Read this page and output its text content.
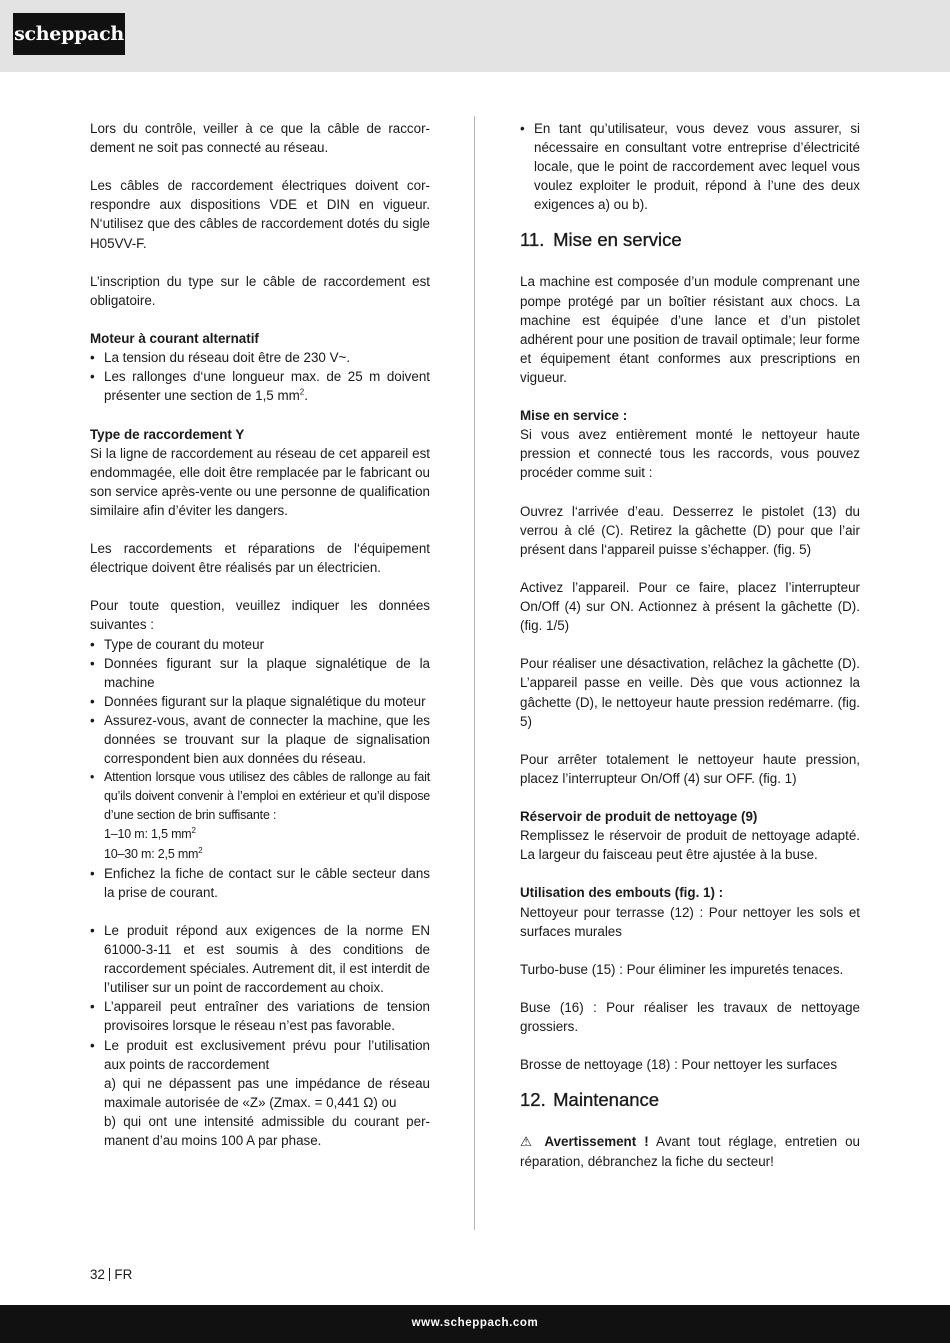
scheppach

Lors du contrôle, veiller à ce que la câble de raccordement ne soit pas connecté au réseau.

Les câbles de raccordement électriques doivent correspondre aux dispositions VDE et DIN en vigueur. N‘utilisez que des câbles de raccordement dotés du sigle H05VV-F.

L’inscription du type sur le câble de raccordement est obligatoire.

Moteur à courant alternatif

• La tension du réseau doit être de 230 V~.
• Les rallonges d‘une longueur max. de 25 m doivent présenter une section de 1,5 $mm^2$.

Type de raccordement Y

Si la ligne de raccordement au réseau de cet appareil est endommagée, elle doit être remplacée par le fabricant ou son service après-vente ou une personne de qualification similaire afin d’éviter les dangers.

Les raccordements et réparations de l‘équipement électrique doivent être réalisés par un électricien.

Pour toute question, veuillez indiquer les données suivantes :

• Type de courant du moteur
• Données figurant sur la plaque signalétique de la machine
• Données figurant sur la plaque signalétique du moteur
• Assurez-vous, avant de connecter la machine, que les données se trouvant sur la plaque de signalisation correspondent bien aux données du réseau.
• Attention lorsque vous utilisez des câbles de rallonge au fait qu’ils doivent convenir à l’emploi en extérieur et qu’il dispose d’une section de brin suffisante :
1–10 m: 1,5 $mm^2$
10–30 m: 2,5 $mm^2$
• Enfichez la fiche de contact sur le câble secteur dans la prise de courant.
• Le produit répond aux exigences de la norme EN 61000-3-11 et est soumis à des conditions de raccordement spéciales. Autrement dit, il est interdit de l’utiliser sur un point de raccordement au choix.
• L’appareil peut entraîner des variations de tension provisoires lorsque le réseau n’est pas favorable.
• Le produit est exclusivement prévu pour l’utilisation aux points de raccordement
a) qui ne dépassent pas une impédance de réseau maximale autorisée de «Z» (Zmax. = 0,441 Ω) ou
b) qui ont une intensité admissible du courant permanent d’au moins 100 A par phase.
• En tant qu’utilisateur, vous devez vous assurer, si nécessaire en consultant votre entreprise d’électricité locale, que le point de raccordement avec lequel vous voulez exploiter le produit, répond à l’une des deux exigences a) ou b).
11. Mise en service

La machine est composée d’un module comprenant une pompe protégé par un boîtier résistant aux chocs. La machine est équipée d’une lance et d’un pistolet adhérent pour une position de travail optimale; leur forme et équipement étant conformes aux prescriptions en vigueur.

Mise en service :

Si vous avez entièrement monté le nettoyeur haute pression et connecté tous les raccords, vous pouvez procéder comme suit :

Ouvrez l‘arrivée d’eau. Desserrez le pistolet (13) du verrou à clé (C). Retirez la gâchette (D) pour que l’air présent dans l‘appareil puisse s’échapper. (fig. 5)

Activez l’appareil. Pour ce faire, placez l’interrupteur On/Off (4) sur ON. Actionnez à présent la gâchette (D). (fig. 1/5)

Pour réaliser une désactivation, relâchez la gâchette (D). L’appareil passe en veille. Dès que vous actionnez la gâchette (D), le nettoyeur haute pression redémarre. (fig. 5)

Pour arrêter totalement le nettoyeur haute pression, placez l’interrupteur On/Off (4) sur OFF. (fig. 1)

Réservoir de produit de nettoyage (9)

Remplissez le réservoir de produit de nettoyage adapté. La largeur du faisceau peut être ajustée à la buse.

Utilisation des embouts (fig. 1) :

Nettoyeur pour terrasse (12) : Pour nettoyer les sols et surfaces murales

Turbo-buse (15) : Pour éliminer les impuretés tenaces.

Buse (16) : Pour réaliser les travaux de nettoyage grossiers.

Brosse de nettoyage (18) : Pour nettoyer les surfaces

12. Maintenance

⚠ Avertissement ! Avant tout réglage, entretien ou réparation, débranchez la fiche du secteur!

32 FR
www.scheppach.com
